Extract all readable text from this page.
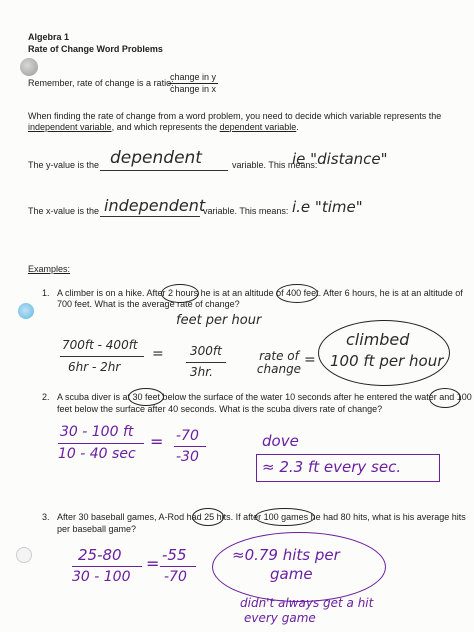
Algebra 1
Rate of Change Word Problems
Remember, rate of change is a ratio:
change in y
change in x
When finding the rate of change from a word problem, you need to decide which variable represents the
independent variable, and which represents the dependent variable.
The y-value is the dependent	variable. This means:
ie "distance"
The x-value is the independent
variable. This means: i.e "time"
Examples:
1. A climber is on a hike. After 2 hours he is at an altitude of 400 feet. After 6 hours, he is at an altitude of
700 feet. What is the average rate of change?
feet per hour
700ft - 400ft
6hr - 2hr
= 300ft
3hr.
rate of change
=
climbed
100 ft per hour
2. A scuba diver is at 30 feet below the surface of the water 10 seconds after he entered the water and 100
feet below the surface after 40 seconds. What is the scuba divers rate of change?
30 - 100 ft
10 - 40 sec
= -70
-30
dove
≈ 2.3 ft every sec.
3. After 30 baseball games, A-Rod had 25 hits. If after 100 games he had 80 hits, what is his average hits
per baseball game?
25-80
30 - 100
= -55
-70
≈0.79 hits per
game
didn't always get a hit
every game
